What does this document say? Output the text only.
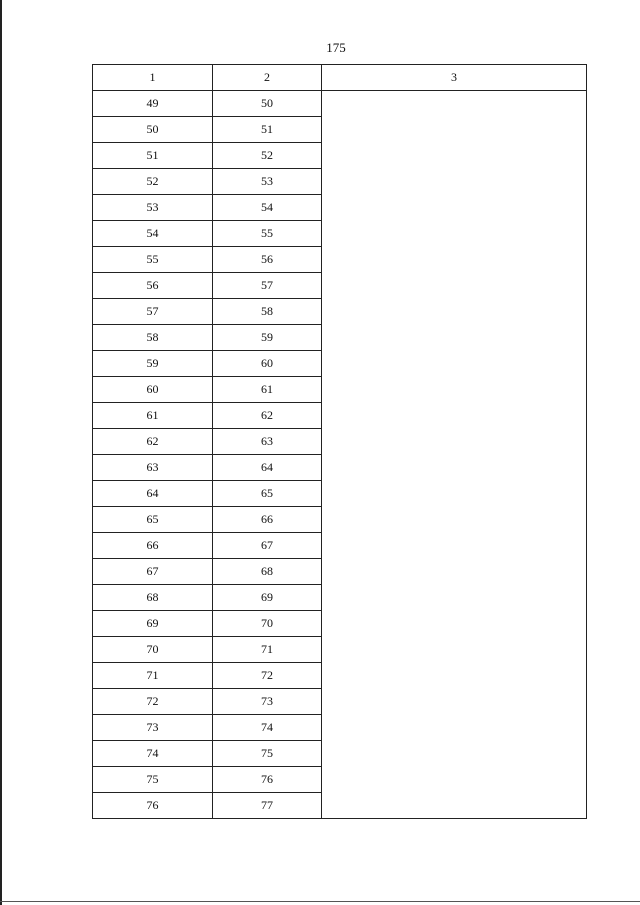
175
1	2	3
49	50	
50	51	
51	52	
52	53	
53	54	
54	55	
55	56	
56	57	
57	58	
58	59	
59	60	
60	61	
61	62	
62	63	
63	64	
64	65	
65	66	
66	67	
67	68	
68	69	
69	70	
70	71	
71	72	
72	73	
73	74	
74	75	
75	76	
76	77	
